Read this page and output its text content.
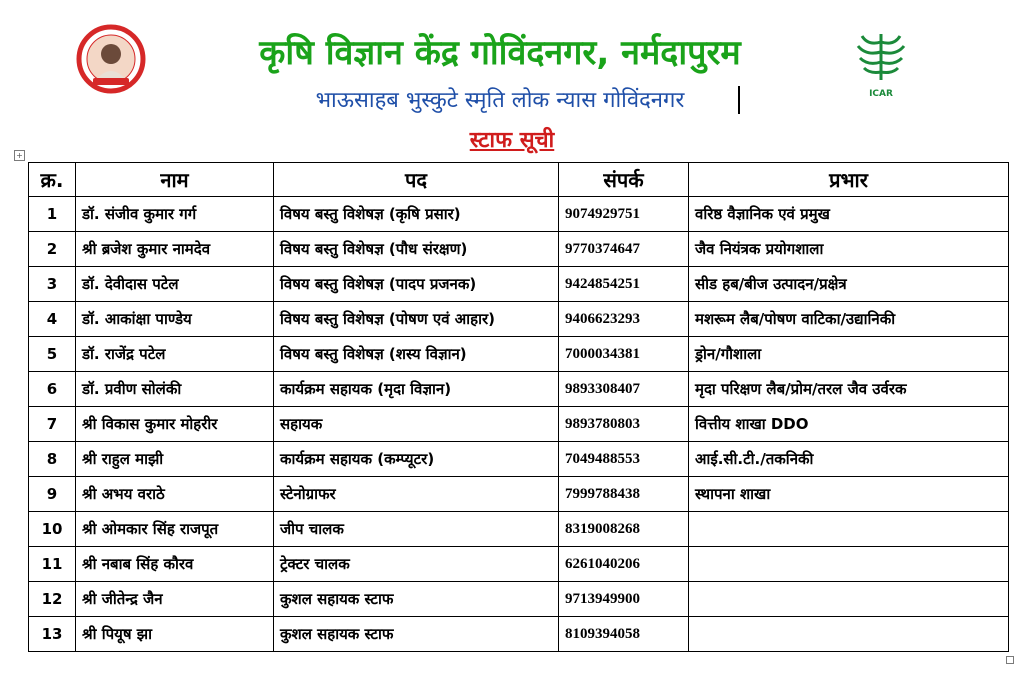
ICAR
कृषि विज्ञान केंद्र गोविंदनगर, नर्मदापुरम
भाऊसाहब भुस्कुटे स्मृति लोक न्यास गोविंदनगर
स्टाफ सूची
+
क्र.	नाम	पद	संपर्क	प्रभार
1	डॉ. संजीव कुमार गर्ग	विषय बस्तु विशेषज्ञ (कृषि प्रसार)	9074929751	वरिष्ठ वैज्ञानिक एवं प्रमुख
2	श्री ब्रजेश कुमार नामदेव	विषय बस्तु विशेषज्ञ (पौध संरक्षण)	9770374647	जैव नियंत्रक प्रयोगशाला
3	डॉ. देवीदास पटेल	विषय बस्तु विशेषज्ञ (पादप प्रजनक)	9424854251	सीड हब/बीज उत्पादन/प्रक्षेत्र
4	डॉ. आकांक्षा पाण्डेय	विषय बस्तु विशेषज्ञ (पोषण एवं आहार)	9406623293	मशरूम लैब/पोषण वाटिका/उद्यानिकी
5	डॉ. राजेंद्र पटेल	विषय बस्तु विशेषज्ञ (शस्य विज्ञान)	7000034381	ड्रोन/गौशाला
6	डॉ. प्रवीण सोलंकी	कार्यक्रम सहायक (मृदा विज्ञान)	9893308407	मृदा परिक्षण लैब/प्रोम/तरल जैव उर्वरक
7	श्री विकास कुमार मोहरीर	सहायक	9893780803	वित्तीय शाखा DDO
8	श्री राहुल माझी	कार्यक्रम सहायक (कम्प्यूटर)	7049488553	आई.सी.टी./तकनिकी
9	श्री अभय वराठे	स्टेनोग्राफर	7999788438	स्थापना शाखा
10	श्री ओमकार सिंह राजपूत	जीप चालक	8319008268	
11	श्री नबाब सिंह कौरव	ट्रेक्टर चालक	6261040206	
12	श्री जीतेन्द्र जैन	कुशल सहायक स्टाफ	9713949900	
13	श्री पियूष झा	कुशल सहायक स्टाफ	8109394058	
